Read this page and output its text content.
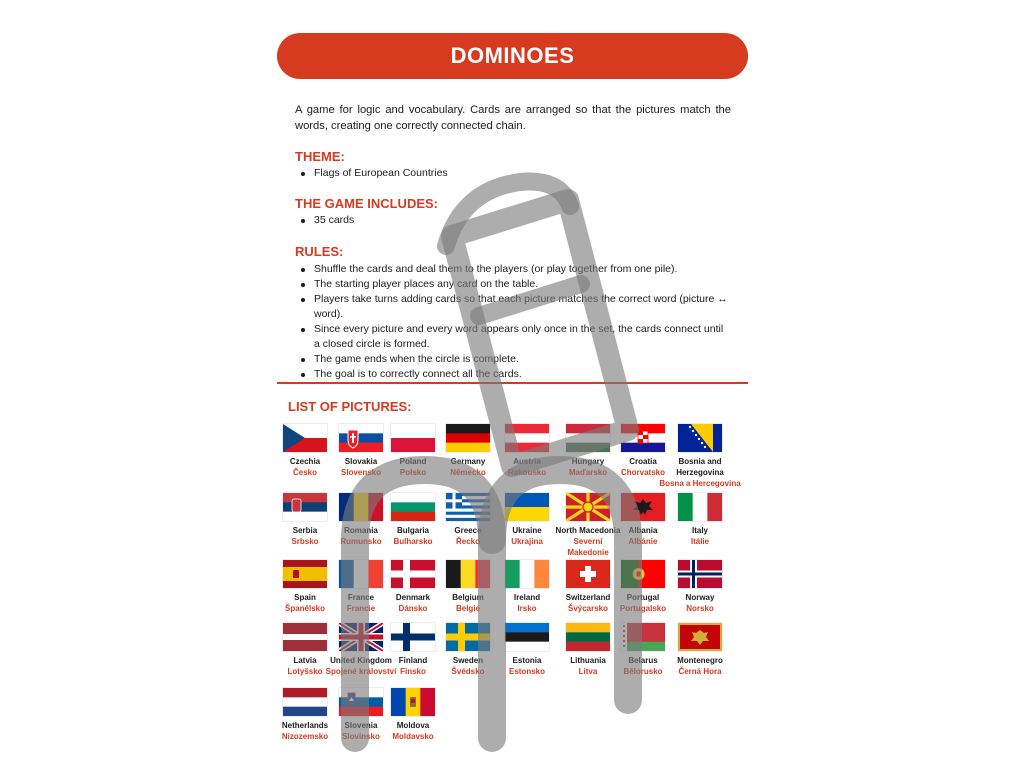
DOMINOES

A game for logic and vocabulary. Cards are arranged so that the pictures match the words, creating one correctly connected chain.

THEME:
Flags of European Countries
THE GAME INCLUDES:
35 cards
RULES:
Shuffle the cards and deal them to the players (or play together from one pile).
The starting player places any card on the table.
Players take turns adding cards so that each picture matches the correct word (picture ↔ word).
Since every picture and every word appears only once in the set, the cards connect until a closed circle is formed.
The game ends when the circle is complete.
The goal is to correctly connect all the cards.
LIST OF PICTURES:
Czechia
Česko
Slovakia
Slovensko
Poland
Polsko
Germany
Německo
Austria
Rakousko
Hungary
Maďarsko
Croatia
Chorvatsko
Bosnia and Herzegovina
Bosna a Hercegovina
Serbia
Srbsko
Romania
Rumunsko
Bulgaria
Bulharsko
Greece
Řecko
Ukraine
Ukrajina
North Macedonia
Severní Makedonie
Albania
Albánie
Italy
Itálie
Spain
Španělsko
France
Francie
Denmark
Dánsko
Belgium
Belgie
Ireland
Irsko
Switzerland
Švýcarsko
Portugal
Portugalsko
Norway
Norsko
Latvia
Lotyšsko
United Kingdom
Spojené království
Finland
Finsko
Sweden
Švédsko
Estonia
Estonsko
Lithuania
Litva
Belarus
Bělorusko
Montenegro
Černá Hora
Netherlands
Nizozemsko
Slovenia
Slovinsko
Moldova
Moldavsko
